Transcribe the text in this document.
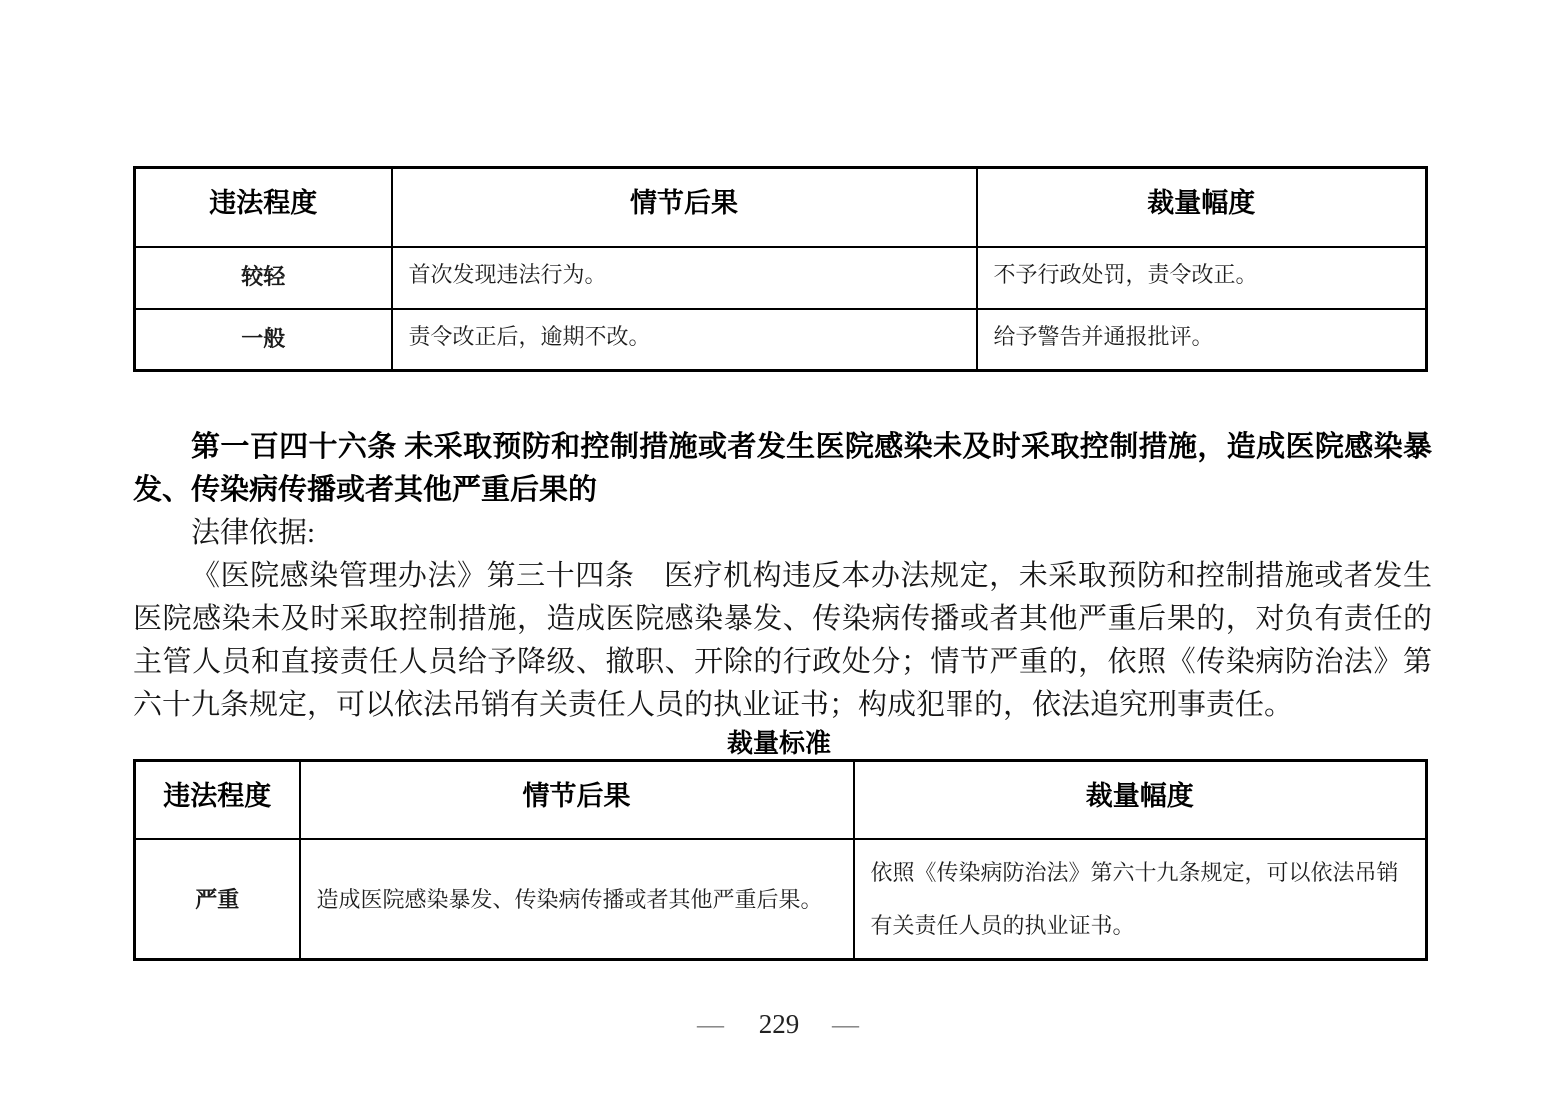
违法程度	情节后果	裁量幅度
较轻	首次发现违法行为。	不予行政处罚，责令改正。
一般	责令改正后，逾期不改。	给予警告并通报批评。

第一百四十六条 未采取预防和控制措施或者发生医院感染未及时采取控制措施，造成医院感染暴发、传染病传播或者其他严重后果的

法律依据:

《医院感染管理办法》第三十四条　医疗机构违反本办法规定，未采取预防和控制措施或者发生医院感染未及时采取控制措施，造成医院感染暴发、传染病传播或者其他严重后果的，对负有责任的主管人员和直接责任人员给予降级、撤职、开除的行政处分；情节严重的，依照《传染病防治法》第六十九条规定，可以依法吊销有关责任人员的执业证书；构成犯罪的，依法追究刑事责任。

裁量标准
违法程度	情节后果	裁量幅度
严重	造成医院感染暴发、传染病传播或者其他严重后果。	依照《传染病防治法》第六十九条规定，可以依法吊销有关责任人员的执业证书。
— 229 —
